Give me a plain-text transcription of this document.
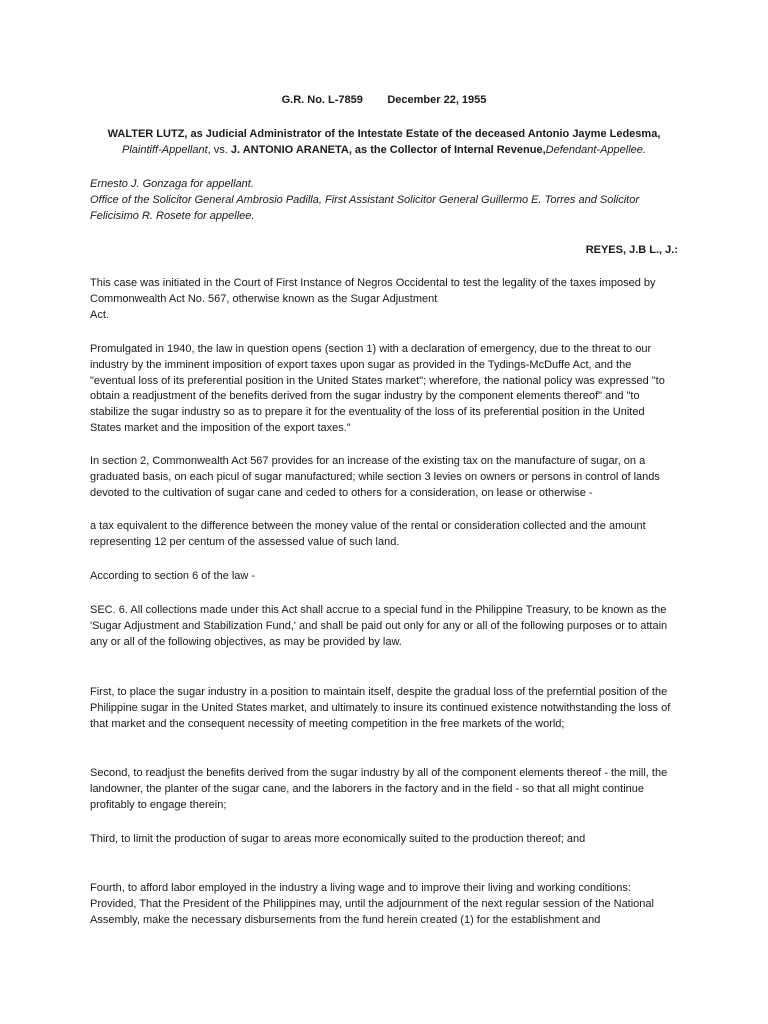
G.R. No. L-7859 December 22, 1955

WALTER LUTZ, as Judicial Administrator of the Intestate Estate of the deceased Antonio Jayme Ledesma, Plaintiff-Appellant, vs. J. ANTONIO ARANETA, as the Collector of Internal Revenue,Defendant-Appellee.

Ernesto J. Gonzaga for appellant.

Office of the Solicitor General Ambrosio Padilla, First Assistant Solicitor General Guillermo E. Torres and Solicitor Felicisimo R. Rosete for appellee.

REYES, J.B L., J.:

This case was initiated in the Court of First Instance of Negros Occidental to test the legality of the taxes imposed by Commonwealth Act No. 567, otherwise known as the Sugar Adjustment
Act.

Promulgated in 1940, the law in question opens (section 1) with a declaration of emergency, due to the threat to our industry by the imminent imposition of export taxes upon sugar as provided in the Tydings-McDuffe Act, and the "eventual loss of its preferential position in the United States market"; wherefore, the national policy was expressed "to obtain a readjustment of the benefits derived from the sugar industry by the component elements thereof" and "to stabilize the sugar industry so as to prepare it for the eventuality of the loss of its preferential position in the United States market and the imposition of the export taxes."

In section 2, Commonwealth Act 567 provides for an increase of the existing tax on the manufacture of sugar, on a graduated basis, on each picul of sugar manufactured; while section 3 levies on owners or persons in control of lands devoted to the cultivation of sugar cane and ceded to others for a consideration, on lease or otherwise -

a tax equivalent to the difference between the money value of the rental or consideration collected and the amount representing 12 per centum of the assessed value of such land.

According to section 6 of the law -

SEC. 6. All collections made under this Act shall accrue to a special fund in the Philippine Treasury, to be known as the 'Sugar Adjustment and Stabilization Fund,' and shall be paid out only for any or all of the following purposes or to attain any or all of the following objectives, as may be provided by law.

First, to place the sugar industry in a position to maintain itself, despite the gradual loss of the preferntial position of the Philippine sugar in the United States market, and ultimately to insure its continued existence notwithstanding the loss of that market and the consequent necessity of meeting competition in the free markets of the world;

Second, to readjust the benefits derived from the sugar industry by all of the component elements thereof - the mill, the landowner, the planter of the sugar cane, and the laborers in the factory and in the field - so that all might continue profitably to engage therein;

Third, to limit the production of sugar to areas more economically suited to the production thereof; and

Fourth, to afford labor employed in the industry a living wage and to improve their living and working conditions: Provided, That the President of the Philippines may, until the adjournment of the next regular session of the National Assembly, make the necessary disbursements from the fund herein created (1) for the establishment and
